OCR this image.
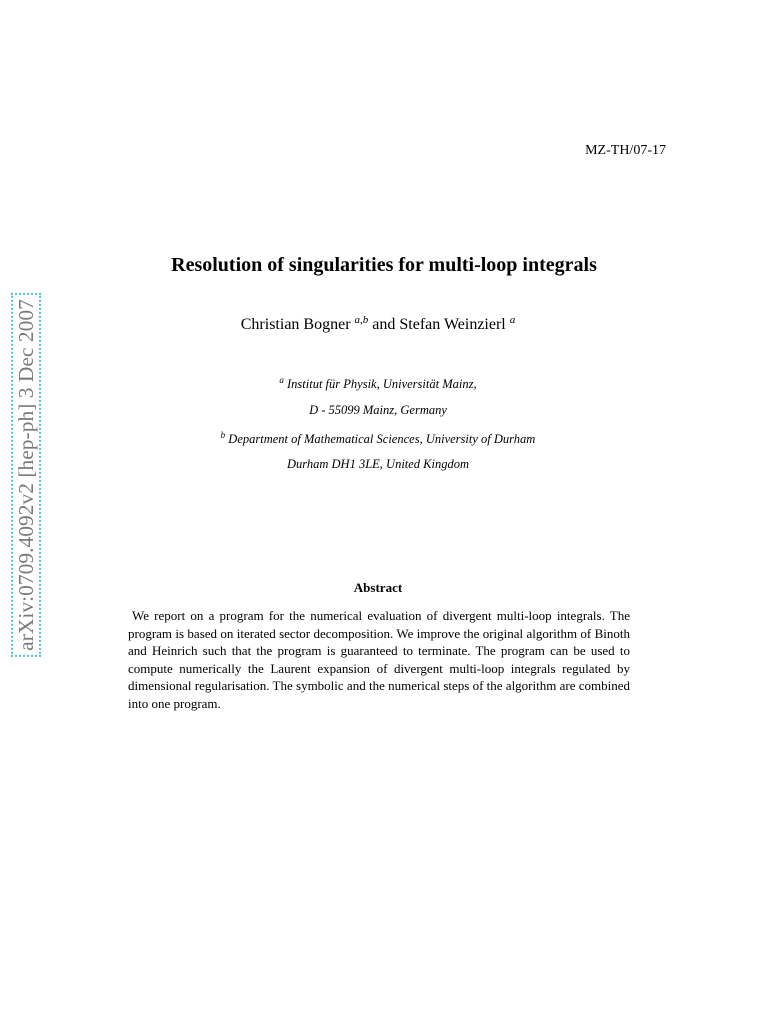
MZ-TH/07-17
arXiv:0709.4092v2 [hep-ph] 3 Dec 2007
Resolution of singularities for multi-loop integrals
Christian Bogner $^{a,b}$ and Stefan Weinzierl $^a$
$^a$ Institut für Physik, Universität Mainz,
D - 55099 Mainz, Germany
$^b$ Department of Mathematical Sciences, University of Durham
Durham DH1 3LE, United Kingdom
Abstract
We report on a program for the numerical evaluation of divergent multi-loop integrals. The program is based on iterated sector decomposition. We improve the original algorithm of Binoth and Heinrich such that the program is guaranteed to terminate. The program can be used to compute numerically the Laurent expansion of divergent multi-loop integrals regulated by dimensional regularisation. The symbolic and the numerical steps of the algorithm are combined into one program.
